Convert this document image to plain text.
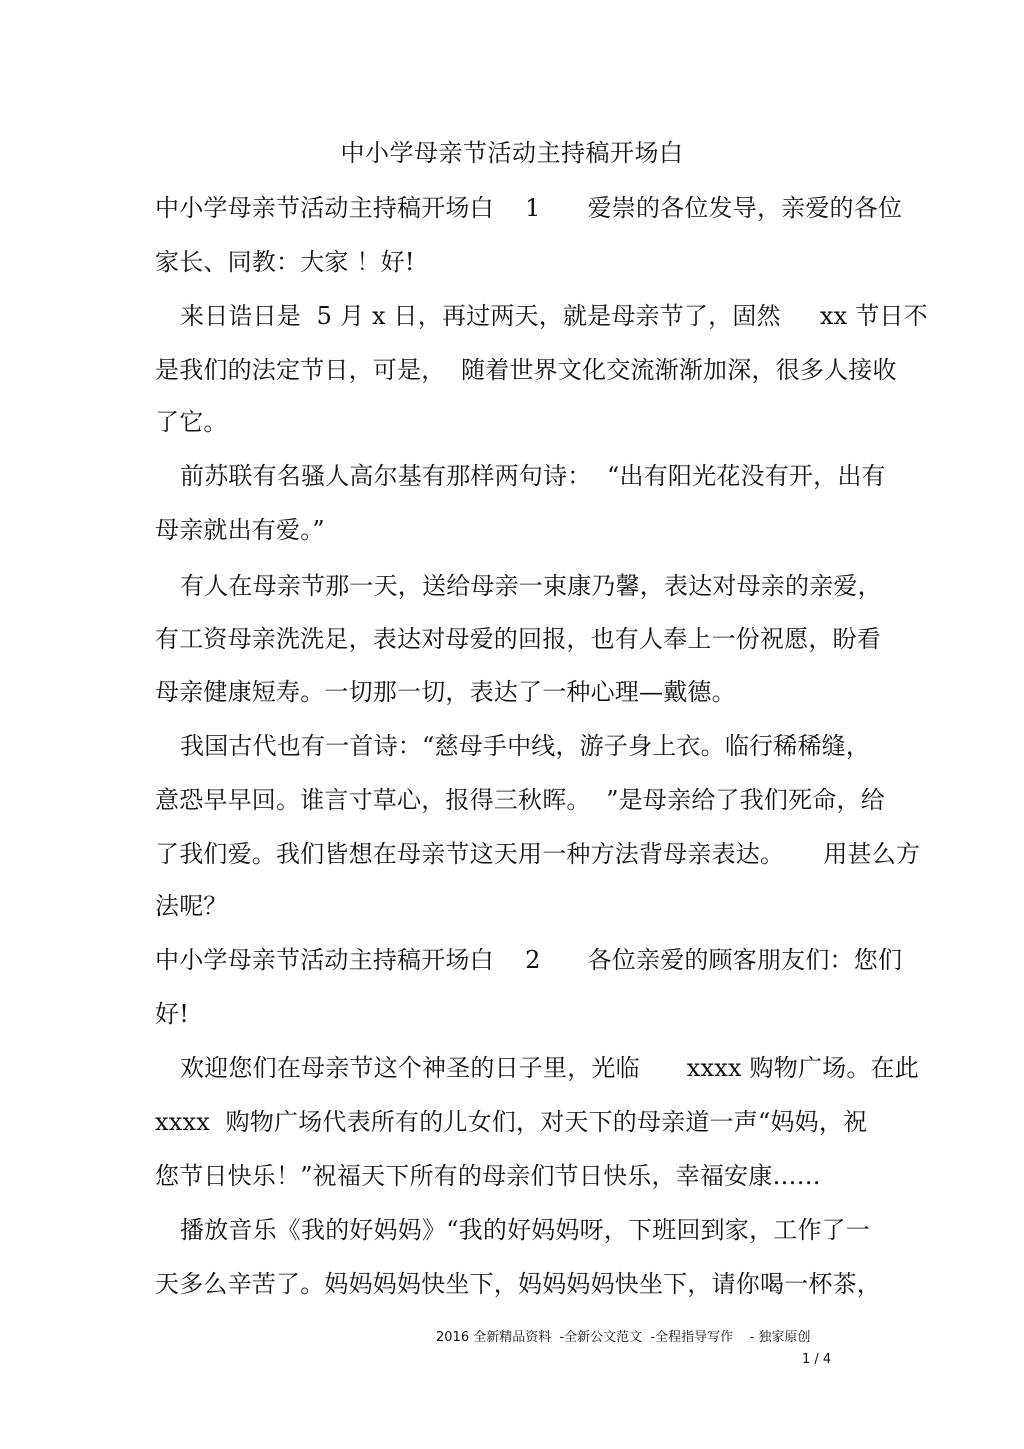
中小学母亲节活动主持稿开场白
中小学母亲节活动主持稿开场白    1      爱崇的各位发导，亲爱的各位
家长、同教：大家 ！好!
来日诰日是  5 月 x 日，再过两天，就是母亲节了，固然     xx 节日不
是我们的法定节日，可是，  随着世界文化交流渐渐加深，很多人接收
了它。
前苏联有名骚人高尔基有那样两句诗：  “出有阳光花没有开，出有
母亲就出有爱。”
有人在母亲节那一天，送给母亲一束康乃馨，表达对母亲的亲爱，
有工资母亲洗洗足，表达对母爱的回报，也有人奉上一份祝愿，盼看
母亲健康短寿。一切那一切，表达了一种心理—戴德。
我国古代也有一首诗：“慈母手中线，游子身上衣。临行稀稀缝，
意恐早早回。谁言寸草心，报得三秋晖。  ”是母亲给了我们死命，给
了我们爱。我们皆想在母亲节这天用一种方法背母亲表达。     用甚么方
法呢？
中小学母亲节活动主持稿开场白    2      各位亲爱的顾客朋友们：您们
好!
欢迎您们在母亲节这个神圣的日子里，光临      xxxx 购物广场。在此
xxxx  购物广场代表所有的儿女们，对天下的母亲道一声“妈妈，祝
您节日快乐！”祝福天下所有的母亲们节日快乐，幸福安康……
播放音乐《我的好妈妈》“我的好妈妈呀，下班回到家，工作了一
天多么辛苦了。妈妈妈妈快坐下，妈妈妈妈快坐下，请你喝一杯茶，
2016 全新精品资料  -全新公文范文  -全程指导写作    - 独家原创
1 / 4
